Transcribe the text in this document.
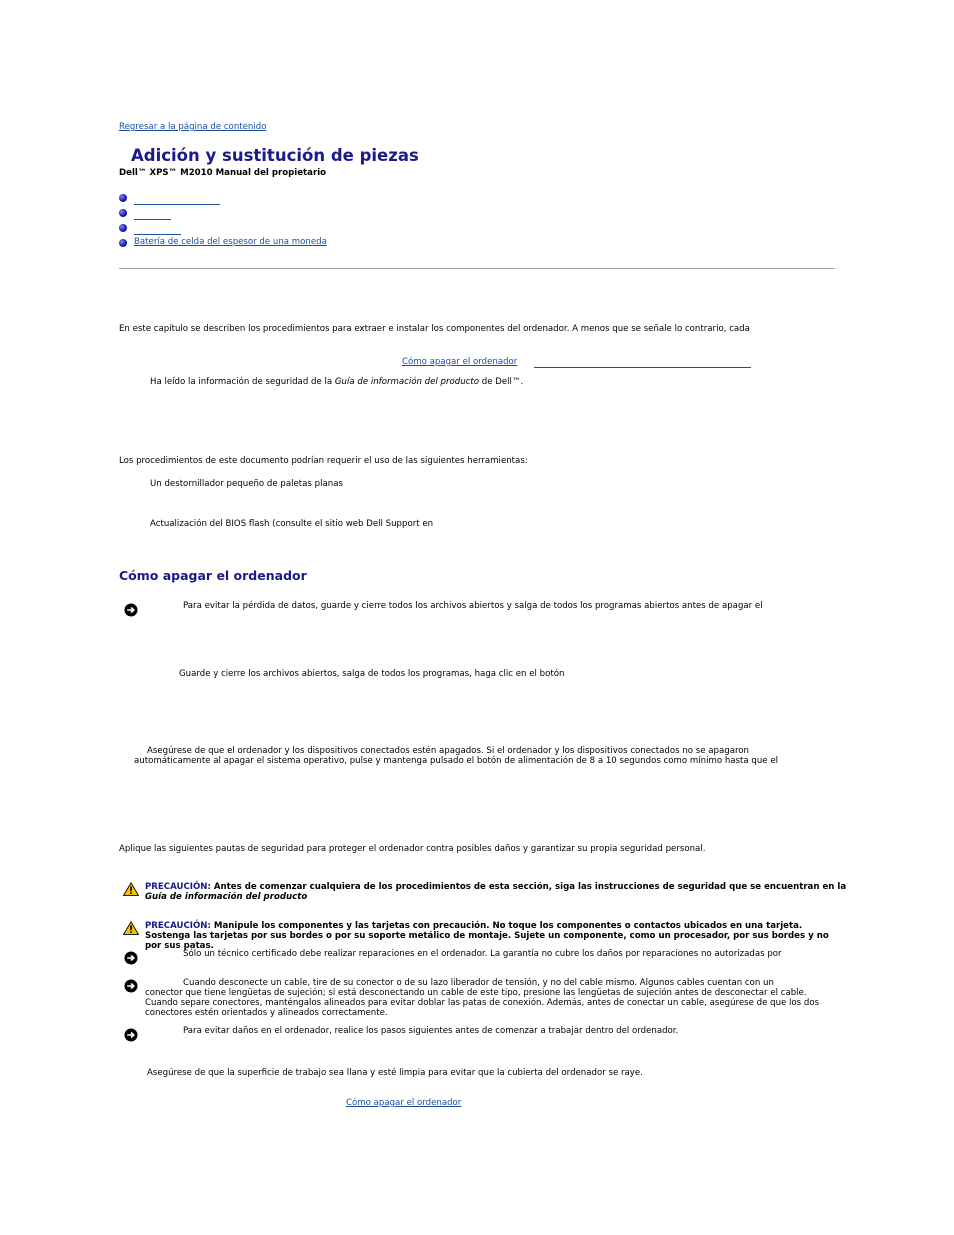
Regresar a la página de contenido
Adición y sustitución de piezas
Dell™ XPS™ M2010 Manual del propietario
Batería de celda del espesor de una moneda
En este capítulo se describen los procedimientos para extraer e instalar los componentes del ordenador. A menos que se señale lo contrario, cada
Cómo apagar el ordenador
Ha leído la información de seguridad de la Guía de información del producto de Dell™.
Los procedimientos de este documento podrían requerir el uso de las siguientes herramientas:
Un destornillador pequeño de paletas planas
Actualización del BIOS flash (consulte el sitio web Dell Support en
Cómo apagar el ordenador
Para evitar la pérdida de datos, guarde y cierre todos los archivos abiertos y salga de todos los programas abiertos antes de apagar el
Guarde y cierre los archivos abiertos, salga de todos los programas, haga clic en el botón
Asegúrese de que el ordenador y los dispositivos conectados estén apagados. Si el ordenador y los dispositivos conectados no se apagaron
automáticamente al apagar el sistema operativo, pulse y mantenga pulsado el botón de alimentación de 8 a 10 segundos como mínimo hasta que el
Aplique las siguientes pautas de seguridad para proteger el ordenador contra posibles daños y garantizar su propia seguridad personal.
PRECAUCIÓN: Antes de comenzar cualquiera de los procedimientos de esta sección, siga las instrucciones de seguridad que se encuentran en la
Guía de información del producto
PRECAUCIÓN: Manipule los componentes y las tarjetas con precaución. No toque los componentes o contactos ubicados en una tarjeta. Sostenga las tarjetas por sus bordes o por su soporte metálico de montaje. Sujete un componente, como un procesador, por sus bordes y no por sus patas.
Sólo un técnico certificado debe realizar reparaciones en el ordenador. La garantía no cubre los daños por reparaciones no autorizadas por
Cuando desconecte un cable, tire de su conector o de su lazo liberador de tensión, y no del cable mismo. Algunos cables cuentan con un
conector que tiene lengüetas de sujeción; si está desconectando un cable de este tipo, presione las lengüetas de sujeción antes de desconectar el cable. Cuando separe conectores, manténgalos alineados para evitar doblar las patas de conexión. Además, antes de conectar un cable, asegúrese de que los dos conectores estén orientados y alineados correctamente.
Para evitar daños en el ordenador, realice los pasos siguientes antes de comenzar a trabajar dentro del ordenador.
Asegúrese de que la superficie de trabajo sea llana y esté limpia para evitar que la cubierta del ordenador se raye.
Cómo apagar el ordenador
